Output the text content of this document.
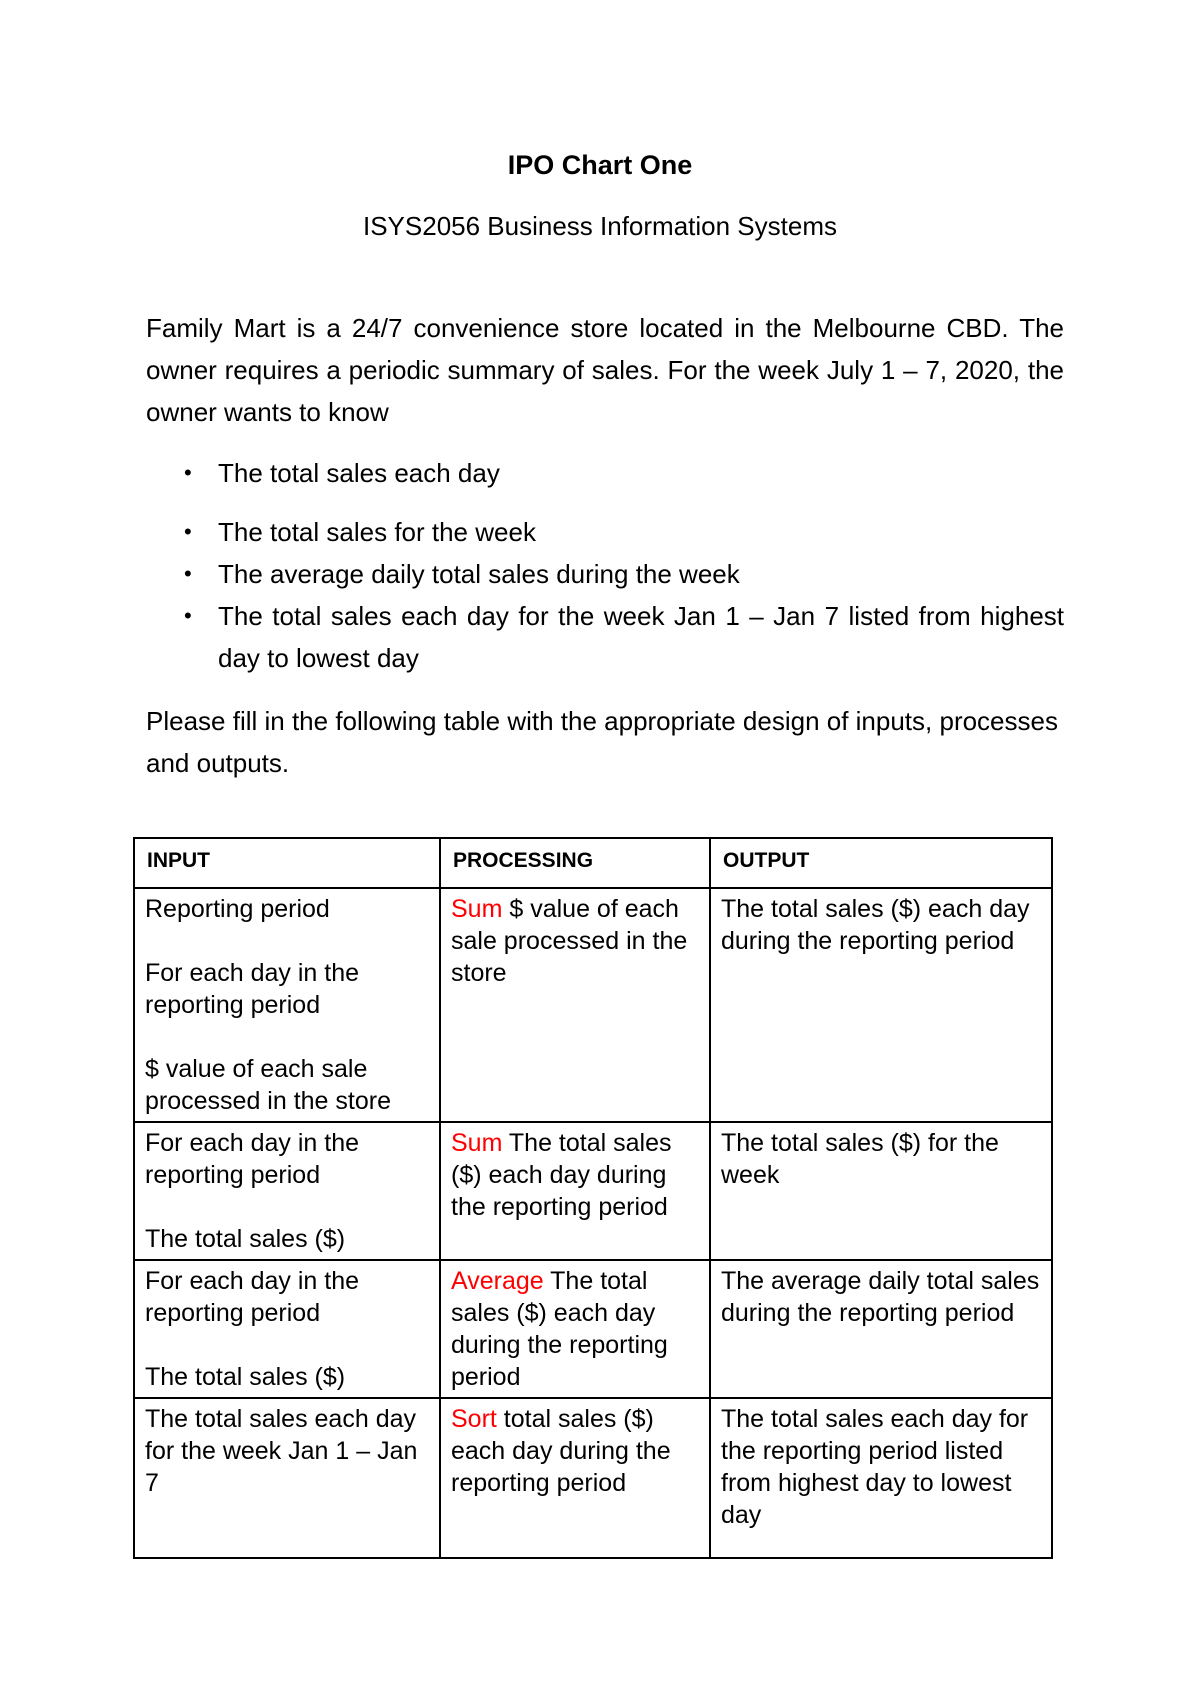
IPO Chart One
ISYS2056 Business Information Systems

Family Mart is a 24/7 convenience store located in the Melbourne CBD. The owner requires a periodic summary of sales. For the week July 1 – 7, 2020, the owner wants to know

• The total sales each day
• The total sales for the week
• The average daily total sales during the week
• The total sales each day for the week Jan 1 – Jan 7 listed from highest day to lowest day

Please fill in the following table with the appropriate design of inputs, processes and outputs.

INPUT	PROCESSING	OUTPUT

Reporting period
For each day in the reporting period
$ value of each sale processed in the store	Sum $ value of each sale processed in the store	The total sales ($) each day during the reporting period

For each day in the reporting period
The total sales ($)	Sum The total sales ($) each day during the reporting period	The total sales ($) for the week

For each day in the reporting period
The total sales ($)	Average The total sales ($) each day during the reporting period	The average daily total sales during the reporting period

The total sales each day for the week Jan 1 – Jan 7	Sort total sales ($) each day during the reporting period	The total sales each day for the reporting period listed from highest day to lowest day
